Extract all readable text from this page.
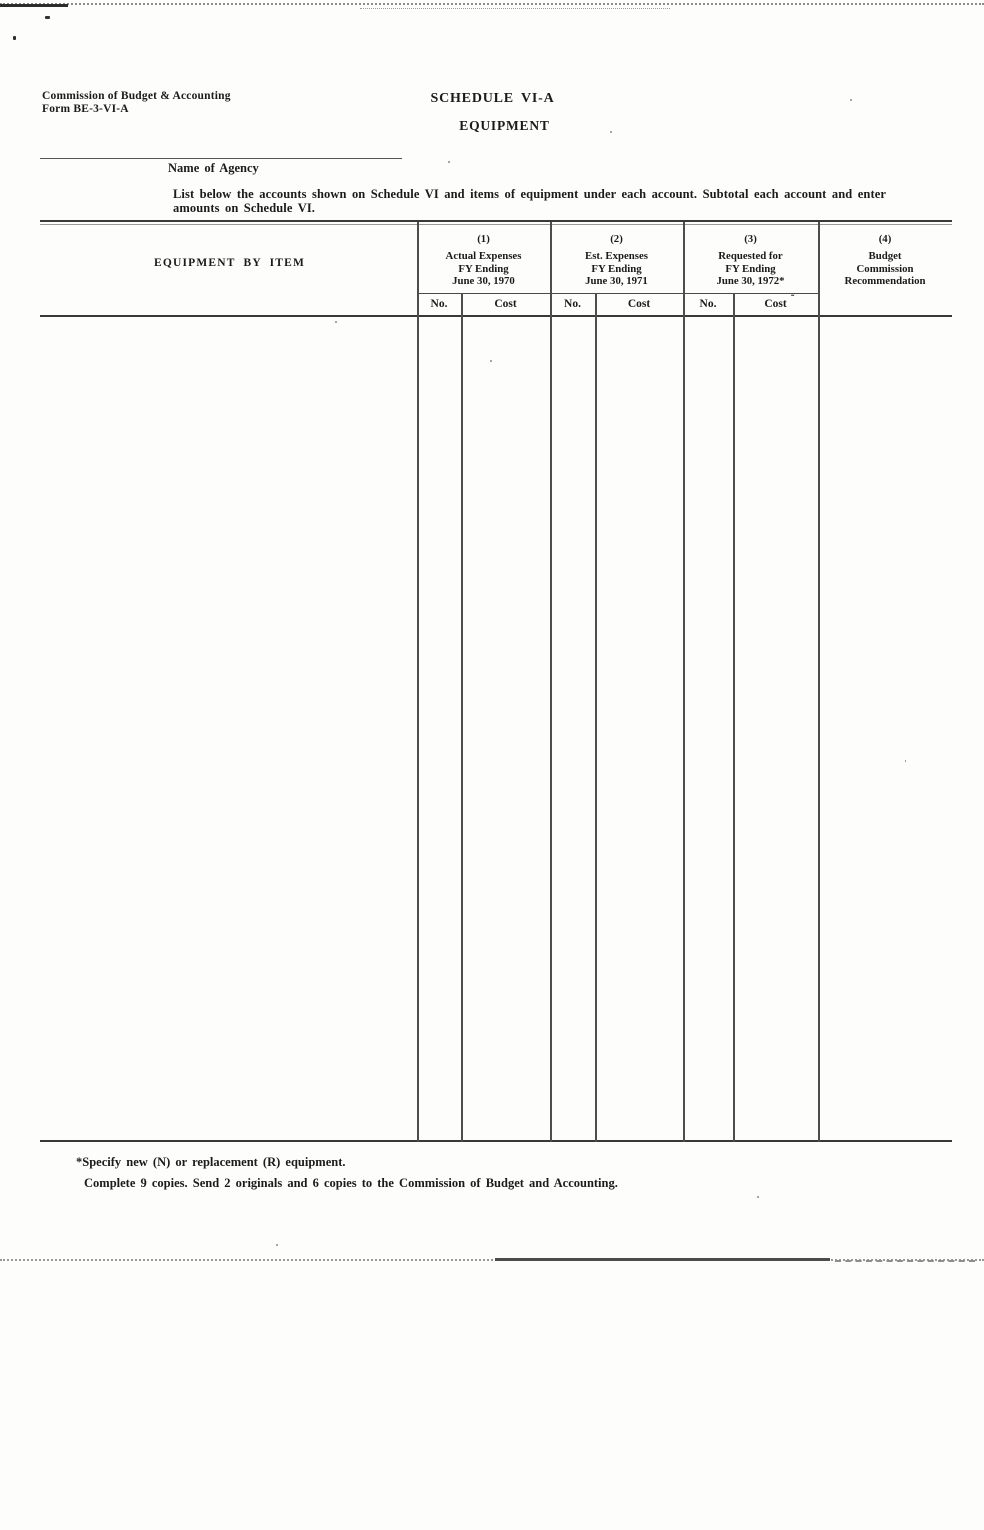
Commission of Budget & Accounting
Form BE-3-VI-A
SCHEDULE VI-A
EQUIPMENT
Name of Agency
List below the accounts shown on Schedule VI and items of equipment under each account. Subtotal each account and enter
amounts on Schedule VI.
EQUIPMENT BY ITEM
(1)
Actual Expenses
FY Ending
June 30, 1970
(2)
Est. Expenses
FY Ending
June 30, 1971
(3)
Requested for
FY Ending
June 30, 1972*
(4)
Budget
Commission
Recommendation
No.	Cost	No.	Cost	No.	Cost ˜
*Specify new (N) or replacement (R) equipment.
Complete 9 copies. Send 2 originals and 6 copies to the Commission of Budget and Accounting.
